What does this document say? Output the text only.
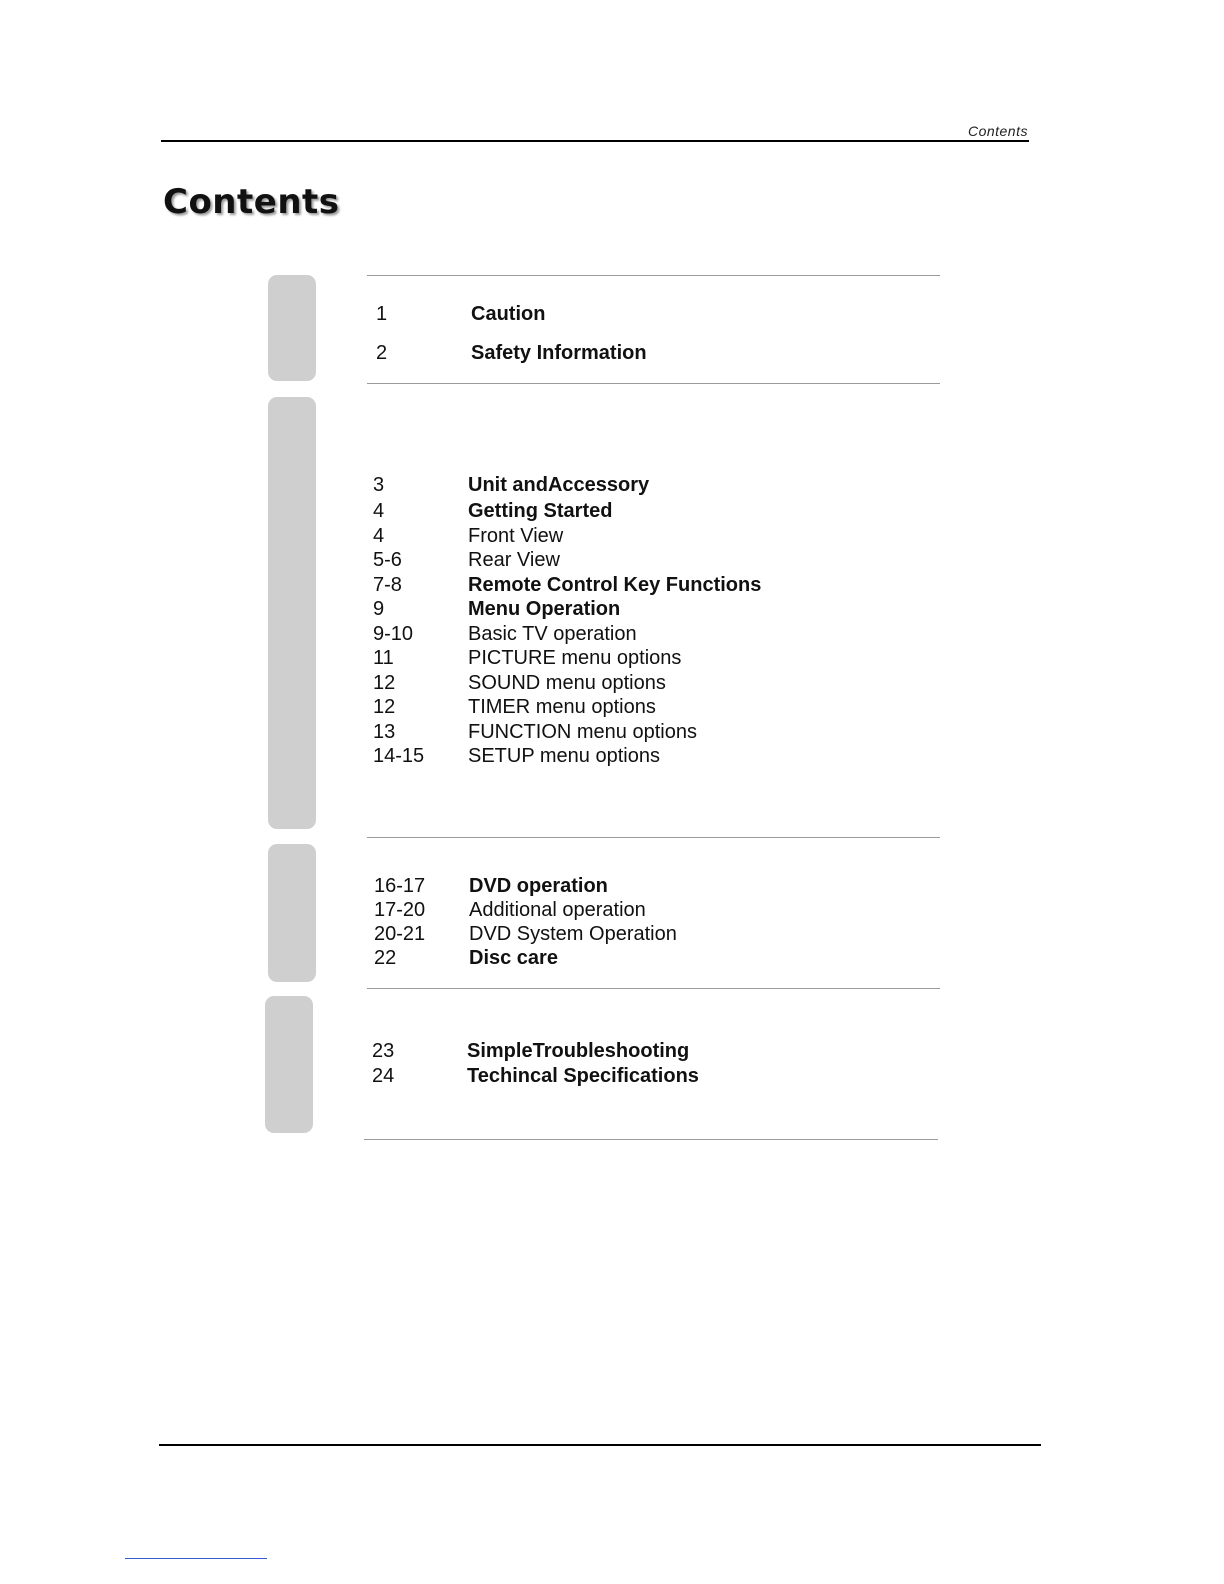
Contents
Contents
1	Caution
2	Safety Information
3	Unit andAccessory
4	Getting Started
4	Front View
5-6	Rear View
7-8	Remote Control Key Functions
9	Menu Operation
9-10	Basic TV operation
11	PICTURE menu options
12	SOUND menu options
12	TIMER menu options
13	FUNCTION menu options
14-15 SETUP menu options
16-17 DVD operation
17-20 Additional operation
20-21 DVD System Operation
22	Disc care
23	SimpleTroubleshooting
24	Techincal Specifications
